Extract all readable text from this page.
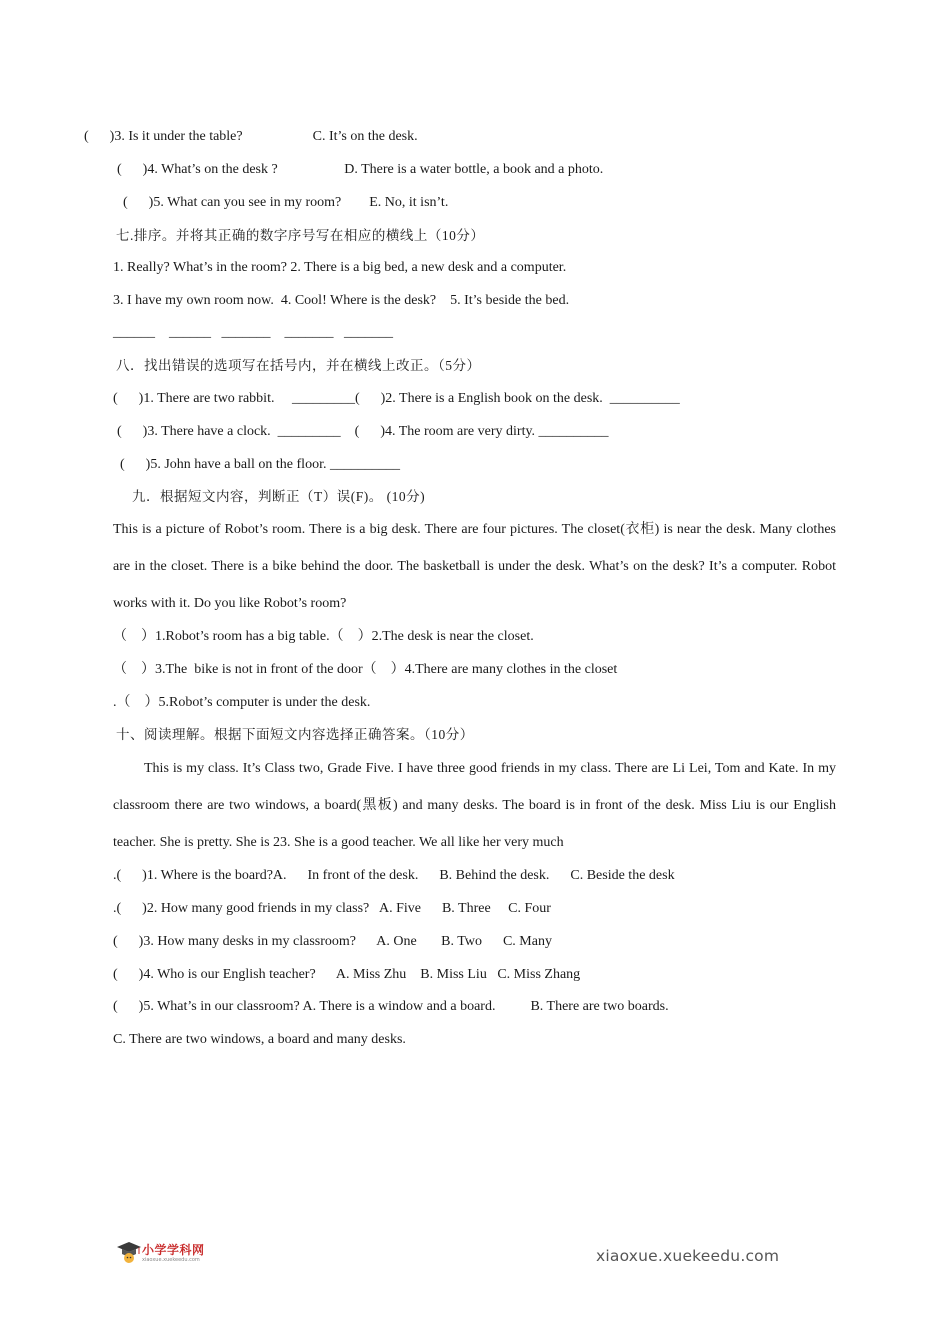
(      )3. Is it under the table?                    C. It’s on the desk.
(      )4. What’s on the desk ?                   D. There is a water bottle, a book and a photo.
(      )5. What can you see in my room?        E. No, it isn’t.
七.排序。并将其正确的数字序号写在相应的横线上（10分）
1. Really? What’s in the room? 2. There is a big bed, a new desk and a computer.
3. I have my own room now.  4. Cool! Where is the desk?    5. It’s beside the bed.
______    ______   _______    _______   _______
八．找出错误的选项写在括号内，并在横线上改正。（5分）
(      )1. There are two rabbit.     _________(      )2. There is a English book on the desk.  __________
(      )3. There have a clock.  _________    (      )4. The room are very dirty. __________
(      )5. John have a ball on the floor. __________
九．根据短文内容，判断正（T）误(F)。 (10分)
This is a picture of Robot’s room. There is a big desk. There are four pictures. The closet(衣柜) is near the desk. Many clothes are in the closet. There is a bike behind the door. The basketball is under the desk. What’s on the desk? It’s a computer. Robot works with it. Do you like Robot’s room?
（    ）1.Robot’s room has a big table.（    ）2.The desk is near the closet.
（    ）3.The  bike is not in front of the door（    ）4.There are many clothes in the closet
.（    ）5.Robot’s computer is under the desk.
十、阅读理解。根据下面短文内容选择正确答案。（10分）
This is my class. It’s Class two, Grade Five. I have three good friends in my class. There are Li Lei, Tom and Kate. In my classroom there are two windows, a board(黑板) and many desks. The board is in front of the desk. Miss Liu is our English teacher. She is pretty. She is 23. She is a good teacher. We all like her very much
.(      )1. Where is the board?A.      In front of the desk.      B. Behind the desk.      C. Beside the desk
.(      )2. How many good friends in my class?   A. Five      B. Three     C. Four
(      )3. How many desks in my classroom?      A. One       B. Two      C. Many
(      )4. Who is our English teacher?      A. Miss Zhu    B. Miss Liu   C. Miss Zhang
(      )5. What’s in our classroom? A. There is a window and a board.          B. There are two boards.
C. There are two windows, a board and many desks.
小学学科网
xiaoxue.xuekeedu.com	xiaoxue.xuekeedu.com
